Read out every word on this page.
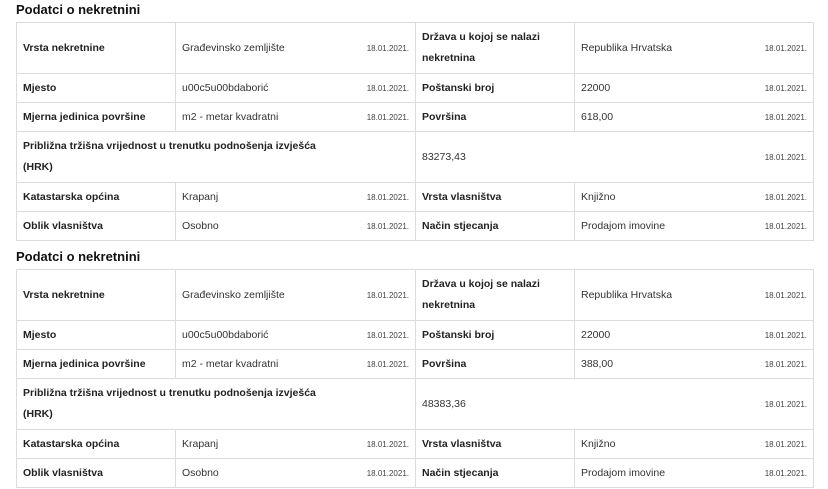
Podatci o nekretnini
Vrsta nekretnine	Građevinsko zemljište 18.01.2021.	Država u kojoj se nalazi nekretnina	Republika Hrvatska 18.01.2021.

Mjesto	u00c5u00bdaborić 18.01.2021.	Poštanski broj	22000 18.01.2021.

Mjerna jedinica površine	m2 - metar kvadratni 18.01.2021.	Površina	618,00 18.01.2021.

Približna tržišna vrijednost u trenutku podnošenja izvješća (HRK)		83273,43 18.01.2021.	

Katastarska općina	Krapanj 18.01.2021.	Vrsta vlasništva	Knjižno 18.01.2021.

Oblik vlasništva	Osobno 18.01.2021.	Način stjecanja	Prodajom imovine 18.01.2021.
Podatci o nekretnini
Vrsta nekretnine	Građevinsko zemljište 18.01.2021.	Država u kojoj se nalazi nekretnina	Republika Hrvatska 18.01.2021.

Mjesto	u00c5u00bdaborić 18.01.2021.	Poštanski broj	22000 18.01.2021.

Mjerna jedinica površine	m2 - metar kvadratni 18.01.2021.	Površina	388,00 18.01.2021.

Približna tržišna vrijednost u trenutku podnošenja izvješća (HRK)		48383,36 18.01.2021.	

Katastarska općina	Krapanj 18.01.2021.	Vrsta vlasništva	Knjižno 18.01.2021.

Oblik vlasništva	Osobno 18.01.2021.	Način stjecanja	Prodajom imovine 18.01.2021.
